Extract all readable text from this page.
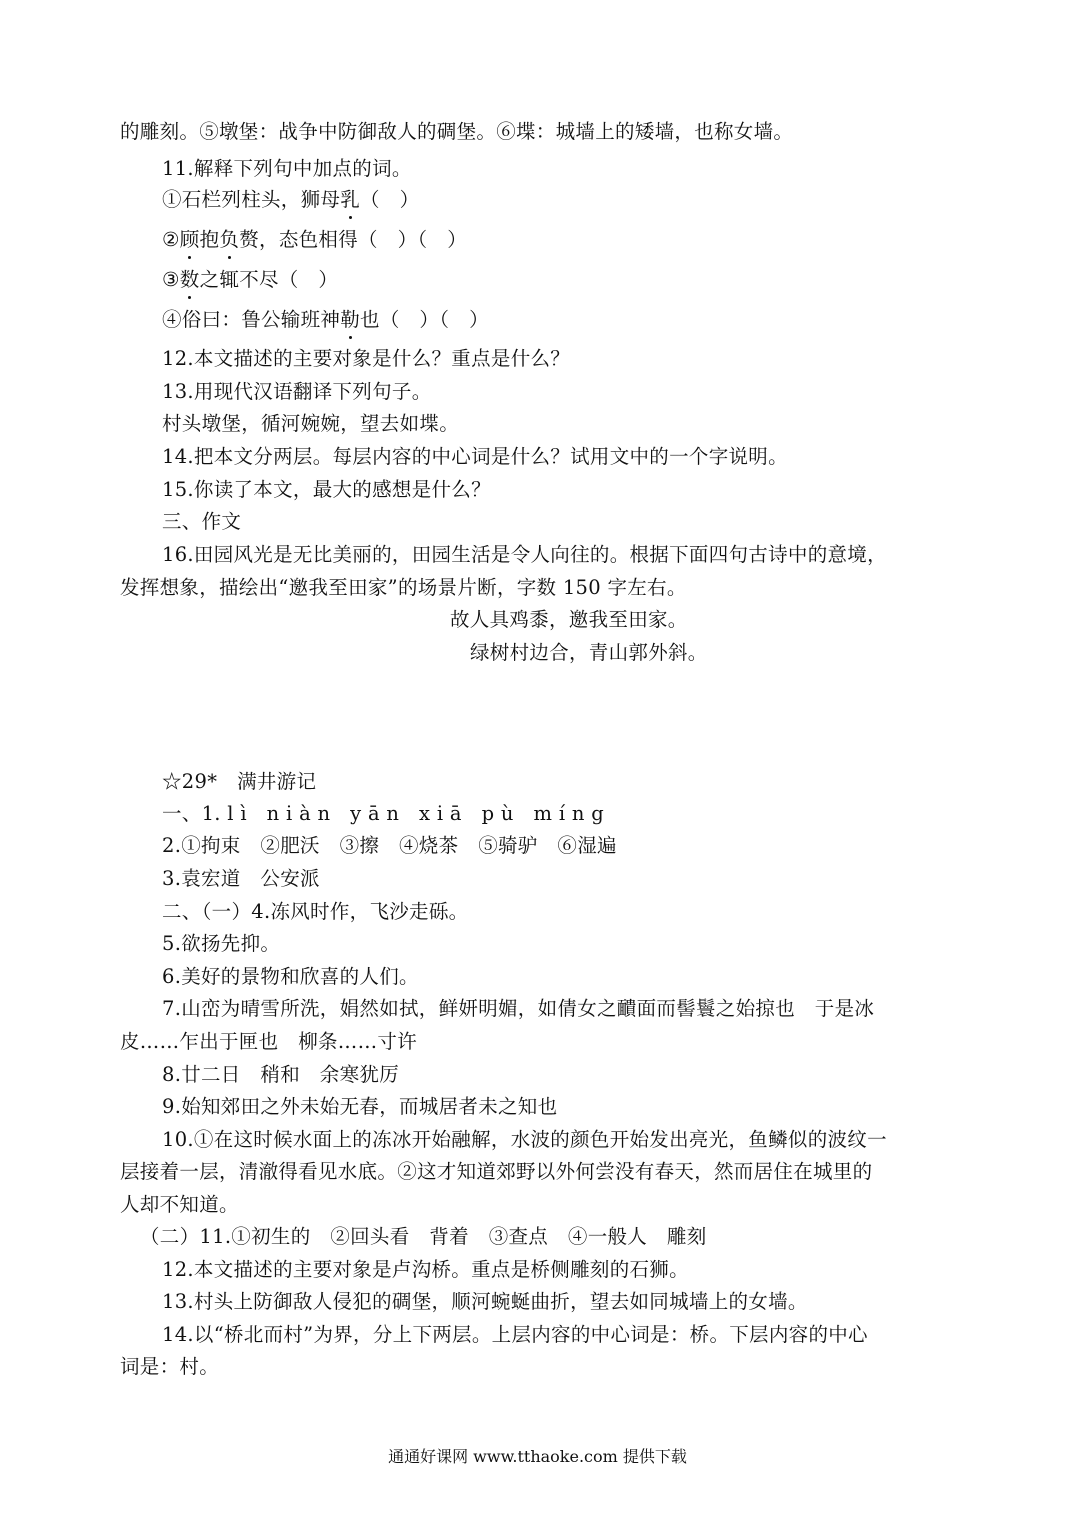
的雕刻。⑤墩堡：战争中防御敌人的碉堡。⑥堞：城墙上的矮墙，也称女墙。
11.解释下列句中加点的词。
①石栏列柱头，狮母乳（　）
②顾抱负赘，态色相得（　）（　）
③数之辄不尽（　）
④俗曰：鲁公输班神勒也（　）（　）
12.本文描述的主要对象是什么？重点是什么？
13.用现代汉语翻译下列句子。
村头墩堡，循河婉婉，望去如堞。
14.把本文分两层。每层内容的中心词是什么？试用文中的一个字说明。
15.你读了本文，最大的感想是什么？
三、作文
16.田园风光是无比美丽的，田园生活是令人向往的。根据下面四句古诗中的意境，
发挥想象，描绘出“邀我至田家”的场景片断，字数 150 字左右。
故人具鸡黍，邀我至田家。
绿树村边合，青山郭外斜。
☆29*　满井游记
一、1. l ì　n i à n　y ā n　x i ā　p ù　m í n g
2.①拘束　②肥沃　③擦　④烧茶　⑤骑驴　⑥湿遍
3.袁宏道　公安派
二、（一）4.冻风时作，飞沙走砾。
5.欲扬先抑。
6.美好的景物和欣喜的人们。
7.山峦为晴雪所洗，娟然如拭，鲜妍明媚，如倩女之靧面而髻鬟之始掠也　于是冰
皮……乍出于匣也　柳条……寸许
8.廿二日　稍和　余寒犹厉
9.始知郊田之外未始无春，而城居者未之知也
10.①在这时候水面上的冻冰开始融解，水波的颜色开始发出亮光，鱼鳞似的波纹一
层接着一层，清澈得看见水底。②这才知道郊野以外何尝没有春天，然而居住在城里的
人却不知道。
（二）11.①初生的　②回头看　背着　③查点　④一般人　雕刻
12.本文描述的主要对象是卢沟桥。重点是桥侧雕刻的石狮。
13.村头上防御敌人侵犯的碉堡，顺河蜿蜒曲折，望去如同城墙上的女墙。
14.以“桥北而村”为界，分上下两层。上层内容的中心词是：桥。下层内容的中心
词是：村。
通通好课网 www.tthaoke.com 提供下载
